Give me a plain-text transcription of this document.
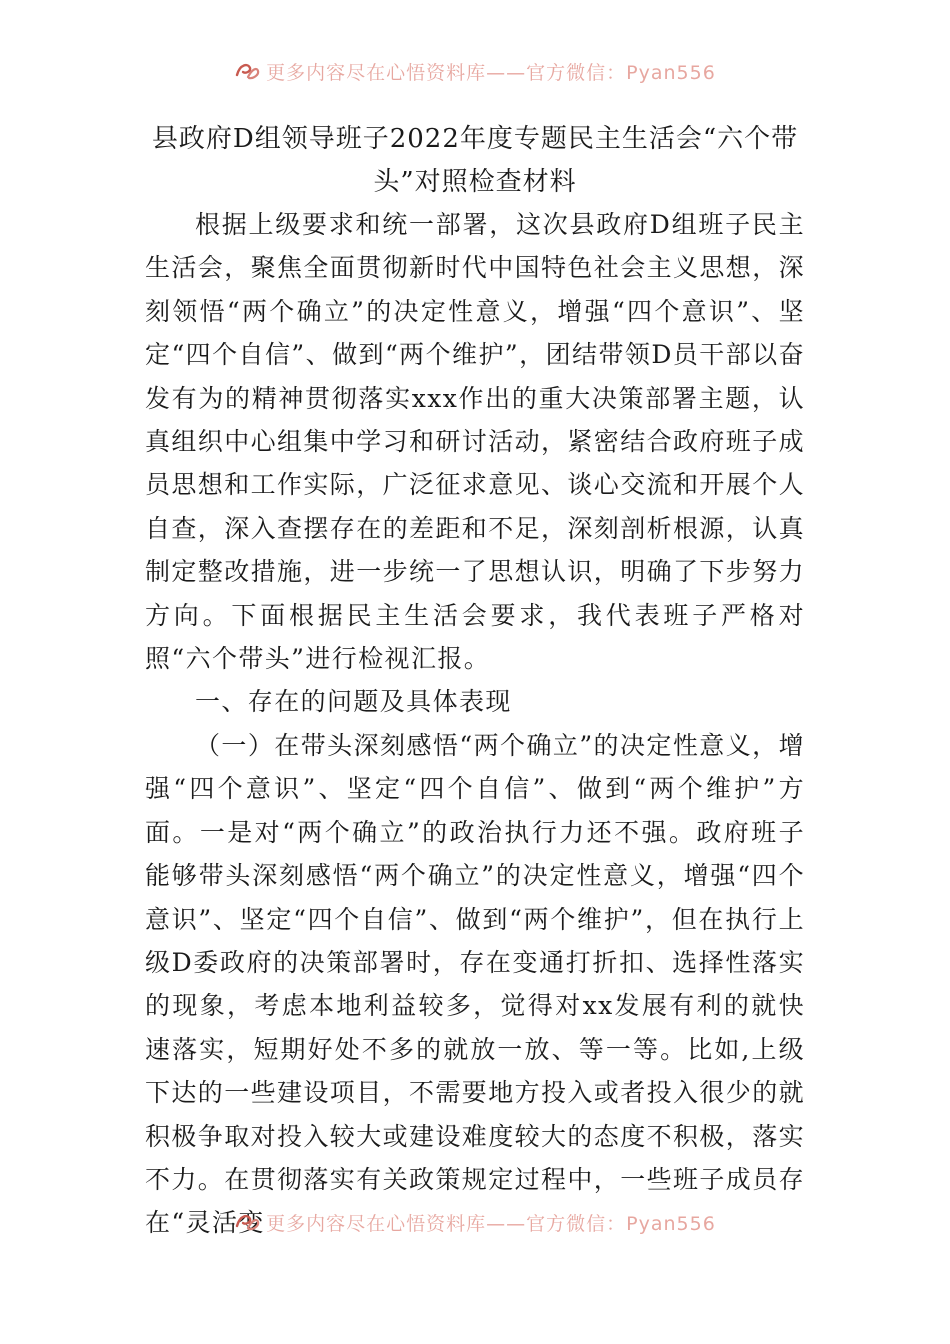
更多内容尽在心悟资料库——官方微信：Pyan556
县政府D组领导班子2022年度专题民主生活会“六个带
头”对照检查材料

根据上级要求和统一部署，这次县政府D组班子民主生活会，聚焦全面贯彻新时代中国特色社会主义思想，深刻领悟“两个确立”的决定性意义，增强“四个意识”、坚定“四个自信”、做到“两个维护”，团结带领D员干部以奋发有为的精神贯彻落实xxx作出的重大决策部署主题，认真组织中心组集中学习和研讨活动，紧密结合政府班子成员思想和工作实际，广泛征求意见、谈心交流和开展个人自查，深入查摆存在的差距和不足，深刻剖析根源，认真制定整改措施，进一步统一了思想认识，明确了下步努力方向。下面根据民主生活会要求，我代表班子严格对照“六个带头”进行检视汇报。

一、存在的问题及具体表现

（一）在带头深刻感悟“两个确立”的决定性意义，增强“四个意识”、坚定“四个自信”、做到“两个维护”方面。一是对“两个确立”的政治执行力还不强。政府班子能够带头深刻感悟“两个确立”的决定性意义，增强“四个意识”、坚定“四个自信”、做到“两个维护”，但在执行上级D委政府的决策部署时，存在变通打折扣、选择性落实的现象，考虑本地利益较多，觉得对xx发展有利的就快速落实，短期好处不多的就放一放、等一等。比如,上级下达的一些建设项目，不需要地方投入或者投入很少的就积极争取对投入较大或建设难度较大的态度不积极，落实不力。在贯彻落实有关政策规定过程中，一些班子成员存在“灵活变 更多内容尽在心悟资料库——官方微信：Pyan556
